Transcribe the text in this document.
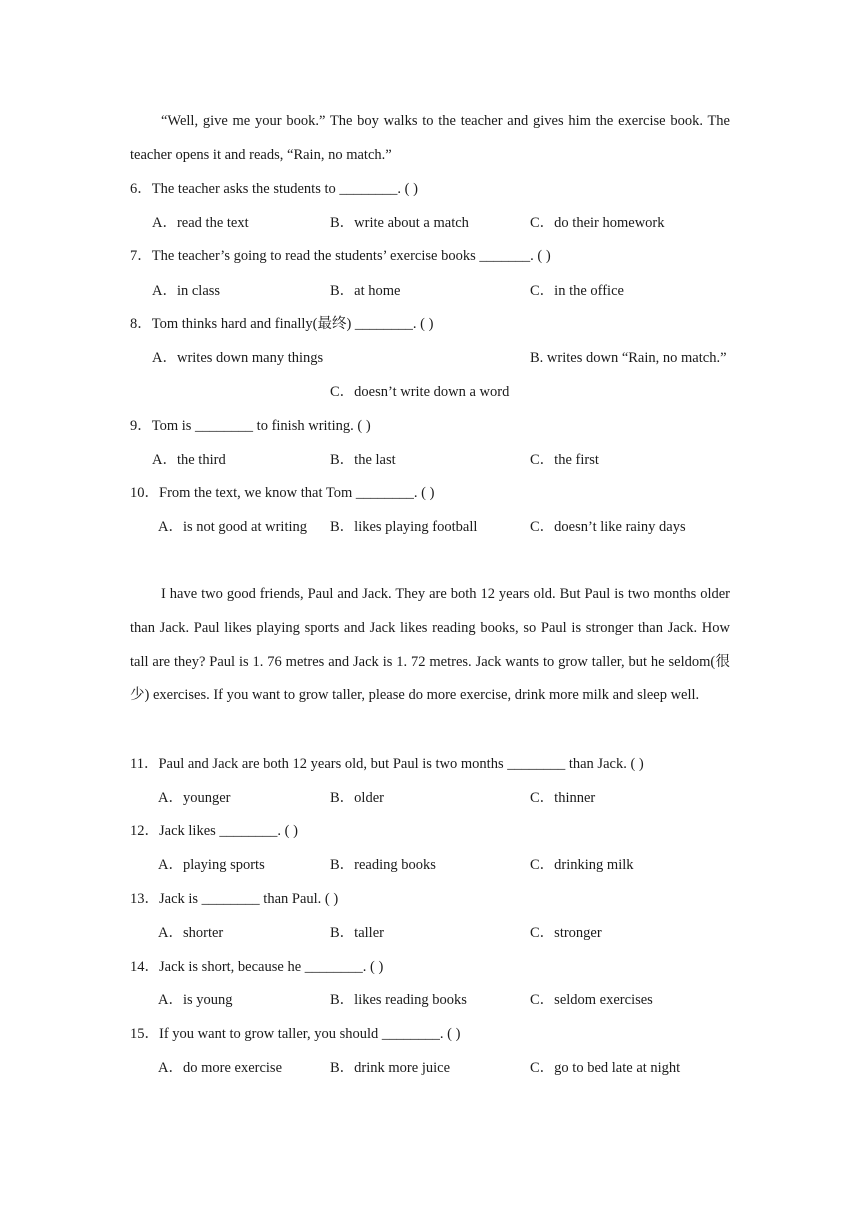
“Well, give me your book.” The boy walks to the teacher and gives him the exercise book. The teacher opens it and reads, “Rain, no match.”
6．The teacher asks the students to ________. ( )
A．read the text	B．write about a match	C．do their homework
7．The teacher’s going to read the students’ exercise books _______. ( )
A．in class	B．at home	C．in the office
8．Tom thinks hard and finally(最终) ________. ( )
A．writes down many things	B. writes down “Rain, no match.”
C．doesn’t write down a word
9．Tom is ________ to finish writing. ( )
A．the third	B．the last	C．the first
10．From the text, we know that Tom ________. ( )
A．is not good at writing B．likes playing football	C．doesn’t like rainy days
I have two good friends, Paul and Jack. They are both 12 years old. But Paul is two months older than Jack. Paul likes playing sports and Jack likes reading books, so Paul is stronger than Jack. How tall are they? Paul is 1. 76 metres and Jack is 1. 72 metres. Jack wants to grow taller, but he seldom(很少) exercises. If you want to grow taller, please do more exercise, drink more milk and sleep well.
11．Paul and Jack are both 12 years old, but Paul is two months ________ than Jack. ( )
A．younger	B．older	C．thinner
12．Jack likes ________. ( )
A．playing sports	B．reading books	C．drinking milk
13．Jack is ________ than Paul. ( )
A．shorter	B．taller	C．stronger
14．Jack is short, because he ________. ( )
A．is young	B．likes reading books	C．seldom exercises
15．If you want to grow taller, you should ________. ( )
A．do more exercise	B．drink more juice	C．go to bed late at night
